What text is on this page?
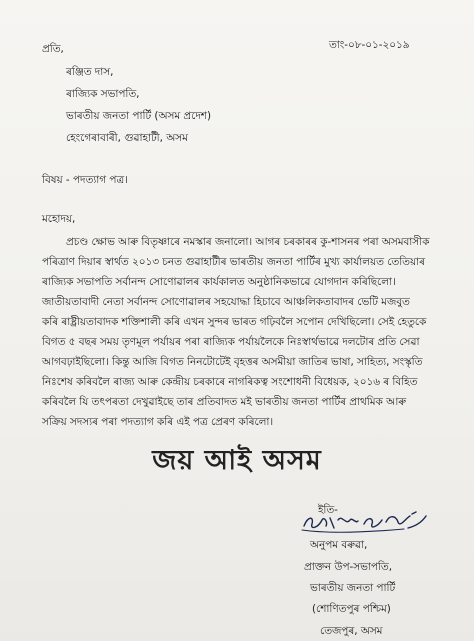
তাং-০৮-০১-২০১৯
প্ৰতি,
ৰঞ্জিত দাস,
ৰাজ্যিক সভাপতি,
ভাৰতীয় জনতা পাৰ্টি (অসম প্ৰদেশ)
হেংগেৰাবাৰী, গুৱাহাটী, অসম
বিষয় - পদত্যাগ পত্ৰ।
মহোদয়,
প্ৰচণ্ড ক্ষোভ আৰু বিতৃষ্ণাৰে নমস্কাৰ জনালো। আগৰ চৰকাৰৰ কু-শাসনৰ পৰা অসমবাসীক
পৰিত্ৰাণ দিয়াৰ স্বাৰ্থত ২০১৩ চনত গুৱাহাটীৰ ভাৰতীয় জনতা পাৰ্টিৰ মুখ্য কাৰ্যালয়ত তেতিয়াৰ
ৰাজ্যিক সভাপতি সৰ্বানন্দ সোণোৱালৰ কাৰ্যকালত অনুষ্ঠানিকভাৱে যোগদান কৰিছিলো।
জাতীয়তাবাদী নেতা সৰ্বানন্দ সোণোৱালৰ সহযোদ্ধা হিচাবে আঞ্চলিকতাবাদৰ ভেটি মজবুত
কৰি ৰাষ্ট্ৰীয়তাবাদক শক্তিশালী কৰি এখন সুন্দৰ ভাৰত গঢ়িবলৈ সপোন দেখিছিলো। সেই হেতুকে
বিগত ৫ বছৰ সময় তৃণমূল পৰ্যায়ৰ পৰা ৰাজ্যিক পৰ্যায়লৈকে নিঃস্বাৰ্থভাৱে দলটোৰ প্ৰতি সেৱা
আগবঢ়াইছিলো। কিন্তু আজি বিগত নিনটোটেই বৃহত্তৰ অসমীয়া জাতিৰ ভাষা, সাহিত্য, সংস্কৃতি
নিঃশেষ কৰিবলৈ ৰাজ্য আৰু কেন্দ্ৰীয় চৰকাৰে নাগৰিকত্ব সংশোধনী বিধেয়ক, ২০১৬ ৰ বিহিত
কৰিবলৈ যি তৎপৰতা দেখুৱাইছে তাৰ প্ৰতিবাদত মই ভাৰতীয় জনতা পাৰ্টিৰ প্ৰাথমিক আৰু
সক্ৰিয় সদস্যৰ পৰা পদত্যাগ কৰি এই পত্ৰ প্ৰেৰণ কৰিলো।
জয় আই অসম
ইতি-
অনুপম বৰুৱা,
প্ৰাক্তন উপ-সভাপতি,
ভাৰতীয় জনতা পাৰ্টি
(শোণিতপুৰ পশ্চিম)
তেজপুৰ, অসম
